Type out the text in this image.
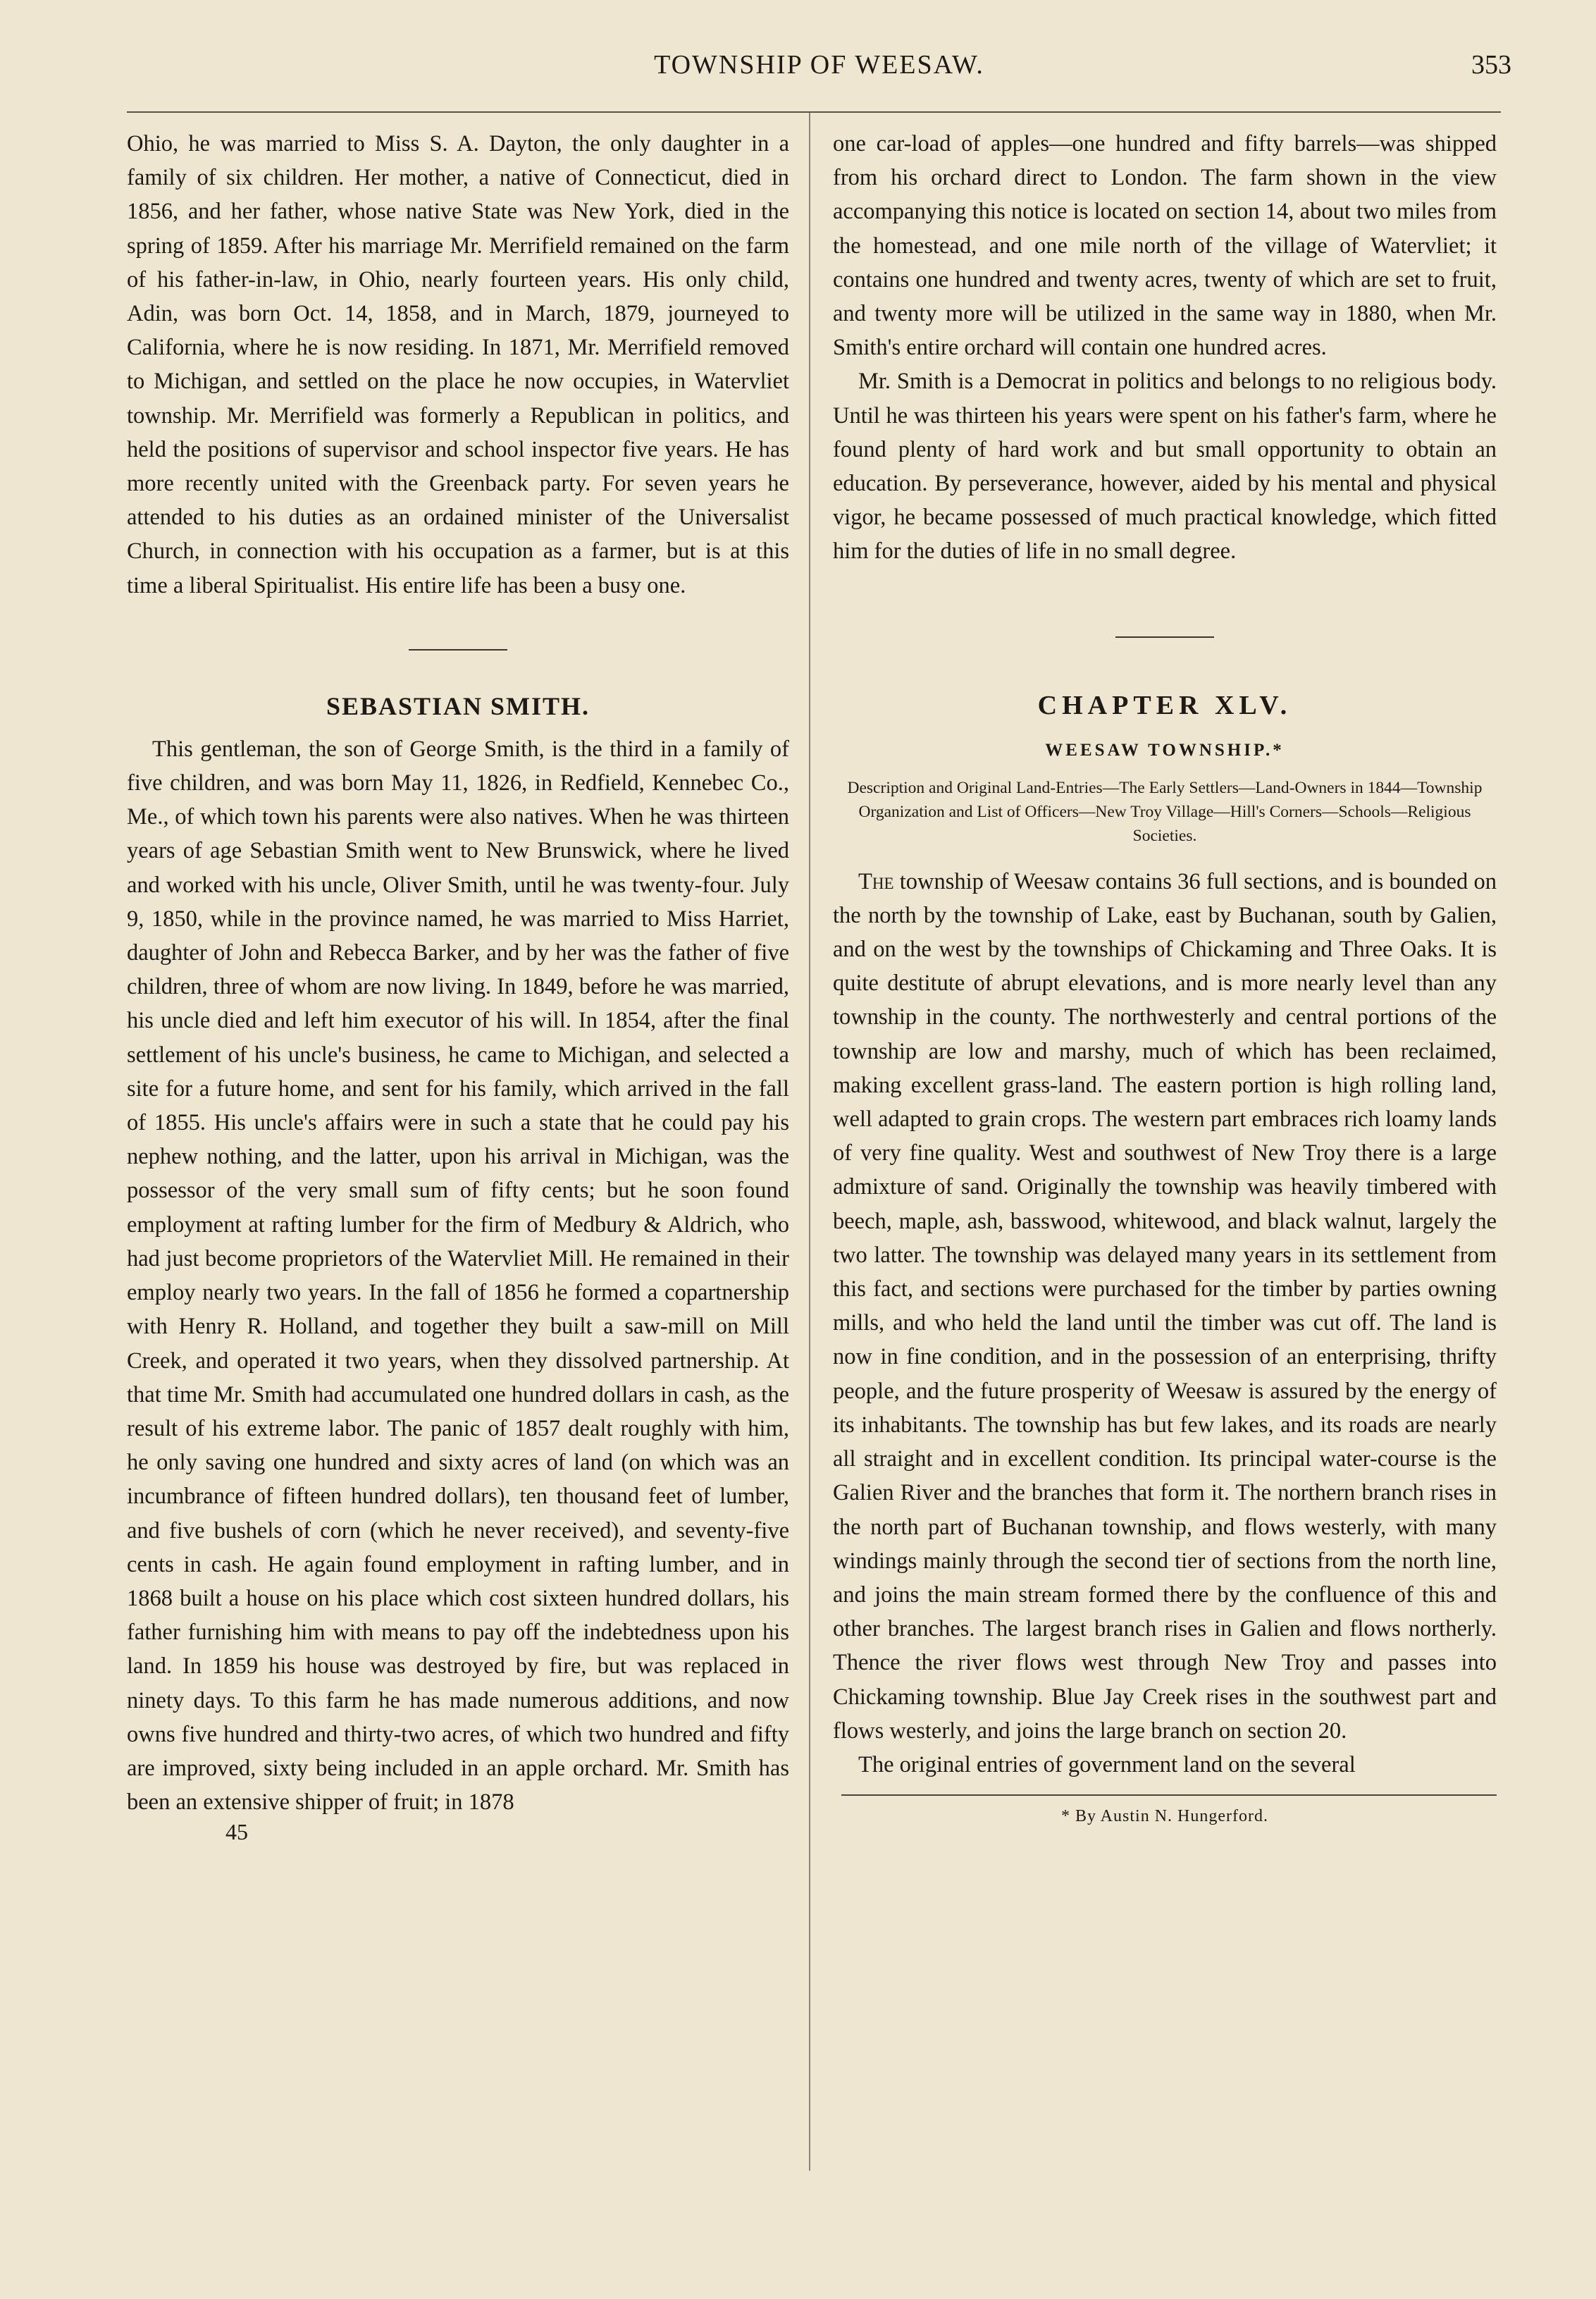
TOWNSHIP OF WEESAW.	353

Ohio, he was married to Miss S. A. Dayton, the only daughter in a family of six children. Her mother, a native of Connecticut, died in 1856, and her father, whose native State was New York, died in the spring of 1859. After his marriage Mr. Merrifield remained on the farm of his father-in-law, in Ohio, nearly fourteen years. His only child, Adin, was born Oct. 14, 1858, and in March, 1879, journeyed to California, where he is now residing. In 1871, Mr. Merrifield removed to Michigan, and settled on the place he now occupies, in Watervliet township. Mr. Merrifield was formerly a Republican in politics, and held the positions of supervisor and school inspector five years. He has more recently united with the Greenback party. For seven years he attended to his duties as an ordained minister of the Universalist Church, in connection with his occupation as a farmer, but is at this time a liberal Spiritualist. His entire life has been a busy one.

SEBASTIAN SMITH.

This gentleman, the son of George Smith, is the third in a family of five children, and was born May 11, 1826, in Redfield, Kennebec Co., Me., of which town his parents were also natives. When he was thirteen years of age Sebastian Smith went to New Brunswick, where he lived and worked with his uncle, Oliver Smith, until he was twenty-four. July 9, 1850, while in the province named, he was married to Miss Harriet, daughter of John and Rebecca Barker, and by her was the father of five children, three of whom are now living. In 1849, before he was married, his uncle died and left him executor of his will. In 1854, after the final settlement of his uncle's business, he came to Michigan, and selected a site for a future home, and sent for his family, which arrived in the fall of 1855. His uncle's affairs were in such a state that he could pay his nephew nothing, and the latter, upon his arrival in Michigan, was the possessor of the very small sum of fifty cents; but he soon found employment at rafting lumber for the firm of Medbury & Aldrich, who had just become proprietors of the Watervliet Mill. He remained in their employ nearly two years. In the fall of 1856 he formed a copartnership with Henry R. Holland, and together they built a saw-mill on Mill Creek, and operated it two years, when they dissolved partnership. At that time Mr. Smith had accumulated one hundred dollars in cash, as the result of his extreme labor. The panic of 1857 dealt roughly with him, he only saving one hundred and sixty acres of land (on which was an incumbrance of fifteen hundred dollars), ten thousand feet of lumber, and five bushels of corn (which he never received), and seventy-five cents in cash. He again found employment in rafting lumber, and in 1868 built a house on his place which cost sixteen hundred dollars, his father furnishing him with means to pay off the indebtedness upon his land. In 1859 his house was destroyed by fire, but was replaced in ninety days. To this farm he has made numerous additions, and now owns five hundred and thirty-two acres, of which two hundred and fifty are improved, sixty being included in an apple orchard. Mr. Smith has been an extensive shipper of fruit; in 1878

45

one car-load of apples—one hundred and fifty barrels—was shipped from his orchard direct to London. The farm shown in the view accompanying this notice is located on section 14, about two miles from the homestead, and one mile north of the village of Watervliet; it contains one hundred and twenty acres, twenty of which are set to fruit, and twenty more will be utilized in the same way in 1880, when Mr. Smith's entire orchard will contain one hundred acres.

Mr. Smith is a Democrat in politics and belongs to no religious body. Until he was thirteen his years were spent on his father's farm, where he found plenty of hard work and but small opportunity to obtain an education. By perseverance, however, aided by his mental and physical vigor, he became possessed of much practical knowledge, which fitted him for the duties of life in no small degree.

CHAPTER XLV.
WEESAW TOWNSHIP.*

Description and Original Land-Entries—The Early Settlers—Land-Owners in 1844—Township Organization and List of Officers—New Troy Village—Hill's Corners—Schools—Religious Societies.

The township of Weesaw contains 36 full sections, and is bounded on the north by the township of Lake, east by Buchanan, south by Galien, and on the west by the townships of Chickaming and Three Oaks. It is quite destitute of abrupt elevations, and is more nearly level than any township in the county. The northwesterly and central portions of the township are low and marshy, much of which has been reclaimed, making excellent grass-land. The eastern portion is high rolling land, well adapted to grain crops. The western part embraces rich loamy lands of very fine quality. West and southwest of New Troy there is a large admixture of sand. Originally the township was heavily timbered with beech, maple, ash, basswood, whitewood, and black walnut, largely the two latter. The township was delayed many years in its settlement from this fact, and sections were purchased for the timber by parties owning mills, and who held the land until the timber was cut off. The land is now in fine condition, and in the possession of an enterprising, thrifty people, and the future prosperity of Weesaw is assured by the energy of its inhabitants. The township has but few lakes, and its roads are nearly all straight and in excellent condition. Its principal water-course is the Galien River and the branches that form it. The northern branch rises in the north part of Buchanan township, and flows westerly, with many windings mainly through the second tier of sections from the north line, and joins the main stream formed there by the confluence of this and other branches. The largest branch rises in Galien and flows northerly. Thence the river flows west through New Troy and passes into Chickaming township. Blue Jay Creek rises in the southwest part and flows westerly, and joins the large branch on section 20.

The original entries of government land on the several

* By Austin N. Hungerford.
